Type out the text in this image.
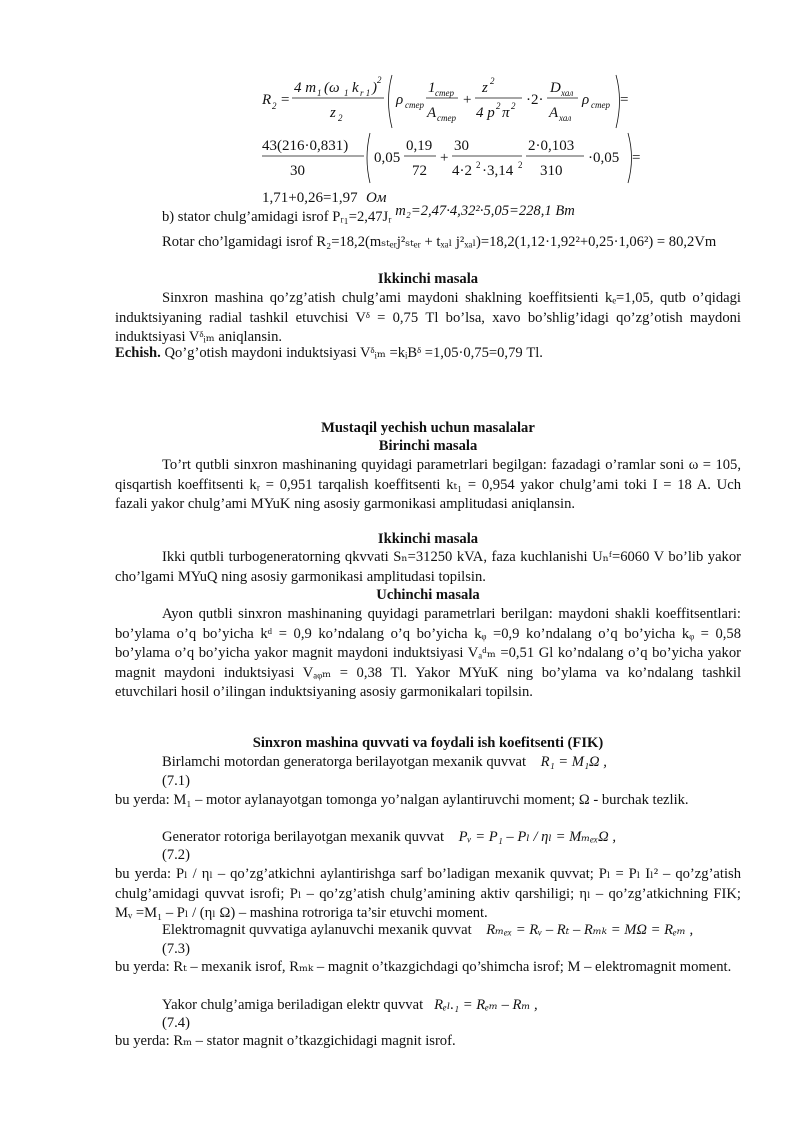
R 2 =
4 m 1 (ω 1 k r 1 ) 2
z 2
ρ стер
1 стер
A стер
+
z 2
4 p 2 π 2 ·2·
D хал
A хал
ρ стер =
43(216·0,831)
30
0,05
0,19
72
+
30
4·2 2 ·3,14 2
2·0,103
310
·0,05 =
1,71+0,26=1,97 Ом
b) stator chulg’amidagi isrof Pᵣ₁=2,47Jᵣ m₂=2,47·4,32²·5,05=228,1 Bm
Rotar cho’lgamidagi isrof R₂=18,2(mₛₜₑᵣj²ₛₜₑᵣ + tₓₐₗ j²ₓₐₗ)=18,2(1,12·1,92²+0,25·1,06²) = 80,2Vm
Ikkinchi masala
Sinxron mashina qo’zg’atish chulg’ami maydoni shaklning koeffitsienti kₑ=1,05, qutb o’qidagi induktsiyaning radial tashkil etuvchisi Vᵟ = 0,75 Tl bo’lsa, xavo bo’shlig’idagi qo’zg’otish maydoni induktsiyasi Vᵟᵢₘ aniqlansin.
Echish. Qo’g’otish maydoni induktsiyasi Vᵟᵢₘ =kᵢBᵟ =1,05·0,75=0,79 Tl.
Mustaqil yechish uchun masalalar
Birinchi masala
To’rt qutbli sinxron mashinaning quyidagi parametrlari begilgan: fazadagi o’ramlar soni ω = 105, qisqartish koeffitsenti kᵣ = 0,951 tarqalish koeffitsenti kₜ₁ = 0,954 yakor chulg’ami toki I = 18 A. Uch fazali yakor chulg’ami MYuK ning asosiy garmonikasi amplitudasi aniqlansin.
Ikkinchi masala
Ikki qutbli turbogeneratorning qkvvati Sₙ=31250 kVA, faza kuchlanishi Uₙᶠ=6060 V bo’lib yakor cho’lgami MYuQ ning asosiy garmonikasi amplitudasi topilsin.
Uchinchi masala
Ayon qutbli sinxron mashinaning quyidagi parametrlari berilgan: maydoni shakli koeffitsentlari: bo’ylama o’q bo’yicha kᵈ = 0,9 ko’ndalang o’q bo’yicha kᵩ =0,9 ko’ndalang o’q bo’yicha kᵩ = 0,58 bo’ylama o’q bo’yicha yakor magnit maydoni induktsiyasi Vₐᵈₘ =0,51 Gl ko’ndalang o’q bo’yicha yakor magnit maydoni induktsiyasi Vₐᵩₘ = 0,38 Tl. Yakor MYuK ning bo’ylama va ko’ndalang tashkil etuvchilari hosil o’ilingan induktsiyaning asosiy garmonikalari topilsin.
Sinxron mashina quvvati va foydali ish koefitsenti (FIK)
Birlamchi motordan generatorga berilayotgan mexanik quvvat R₁ = M₁Ω ,
(7.1)
bu yerda: M₁ – motor aylanayotgan tomonga yo’nalgan aylantiruvchi moment; Ω - burchak tezlik.
Generator rotoriga berilayotgan mexanik quvvat Pᵥ = P₁ – Pₗ / ηₗ = MₘₑₓΩ ,
(7.2)
bu yerda: Pₗ / ηₗ – qo’zg’atkichni aylantirishga sarf bo’ladigan mexanik quvvat; Pₗ = Pₗ Iₗ² – qo’zg’atish chulg’amidagi quvvat isrofi; Pₗ – qo’zg’atish chulg’amining aktiv qarshiligi; ηₗ – qo’zg’atkichning FIK; Mᵥ =M₁ – Pₗ / (ηₗ Ω) – mashina rotroriga ta’sir etuvchi moment.
Elektromagnit quvvatiga aylanuvchi mexanik quvvat Rₘₑₓ = Rᵥ – Rₜ – Rₘₖ = MΩ = Rₑₘ ,
(7.3)
bu yerda: Rₜ – mexanik isrof, Rₘₖ – magnit o’tkazgichdagi qo’shimcha isrof; M – elektromagnit moment.
Yakor chulg’amiga beriladigan elektr quvvat Rₑₗ.₁ = Rₑₘ – Rₘ ,
(7.4)
bu yerda: Rₘ – stator magnit o’tkazgichidagi magnit isrof.
